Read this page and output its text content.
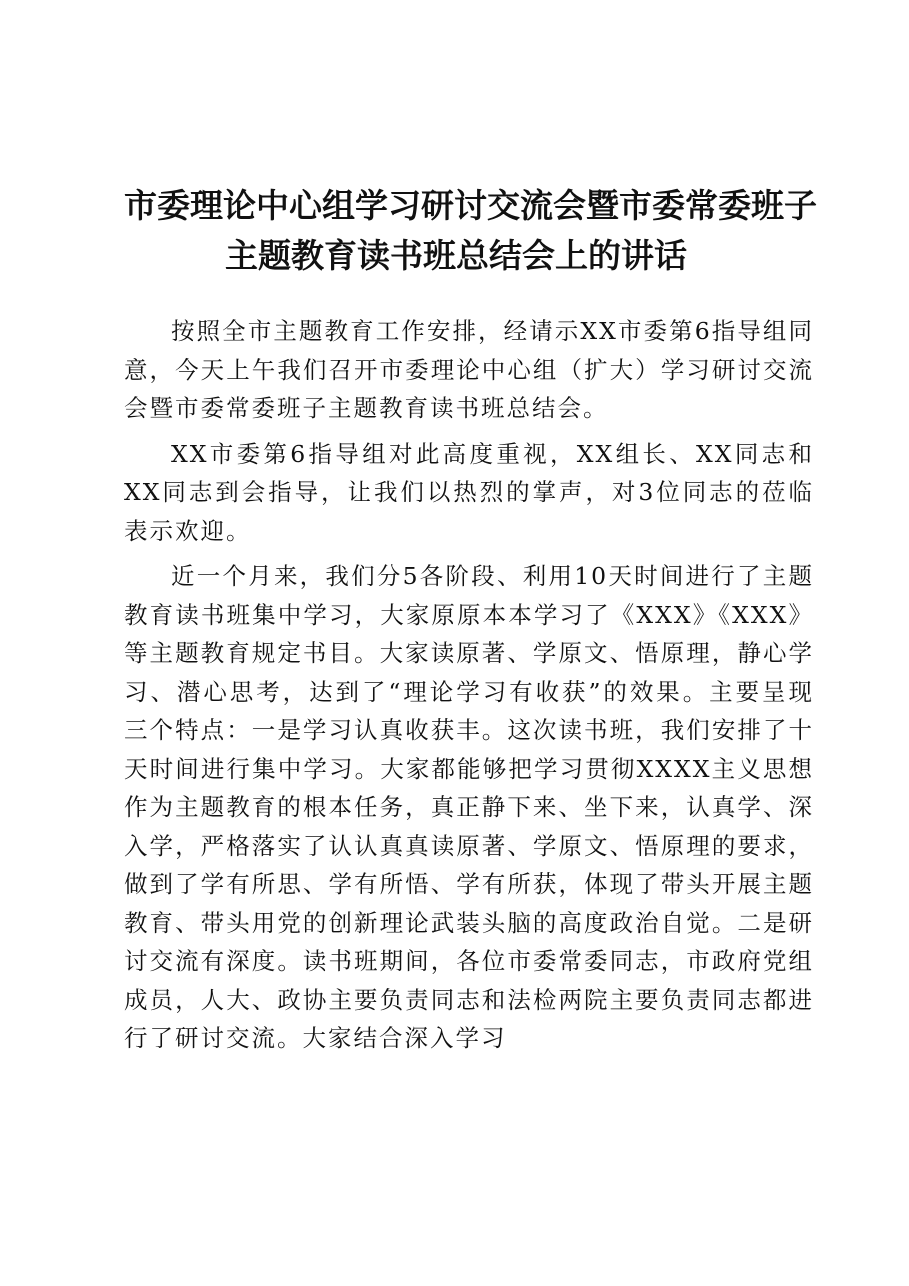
市委理论中心组学习研讨交流会暨市委常委班子
主题教育读书班总结会上的讲话

按照全市主题教育工作安排，经请示XX市委第6指导组同意，今天上午我们召开市委理论中心组（扩大）学习研讨交流会暨市委常委班子主题教育读书班总结会。

XX市委第6指导组对此高度重视，XX组长、XX同志和XX同志到会指导，让我们以热烈的掌声，对3位同志的莅临表示欢迎。

近一个月来，我们分5各阶段、利用10天时间进行了主题教育读书班集中学习，大家原原本本学习了《XXX》《XXX》等主题教育规定书目。大家读原著、学原文、悟原理，静心学习、潜心思考，达到了“理论学习有收获”的效果。主要呈现三个特点：一是学习认真收获丰。这次读书班，我们安排了十天时间进行集中学习。大家都能够把学习贯彻XXXX主义思想作为主题教育的根本任务，真正静下来、坐下来，认真学、深入学，严格落实了认认真真读原著、学原文、悟原理的要求，做到了学有所思、学有所悟、学有所获，体现了带头开展主题教育、带头用党的创新理论武装头脑的高度政治自觉。二是研讨交流有深度。读书班期间，各位市委常委同志，市政府党组成员，人大、政协主要负责同志和法检两院主要负责同志都进行了研讨交流。大家结合深入学习
